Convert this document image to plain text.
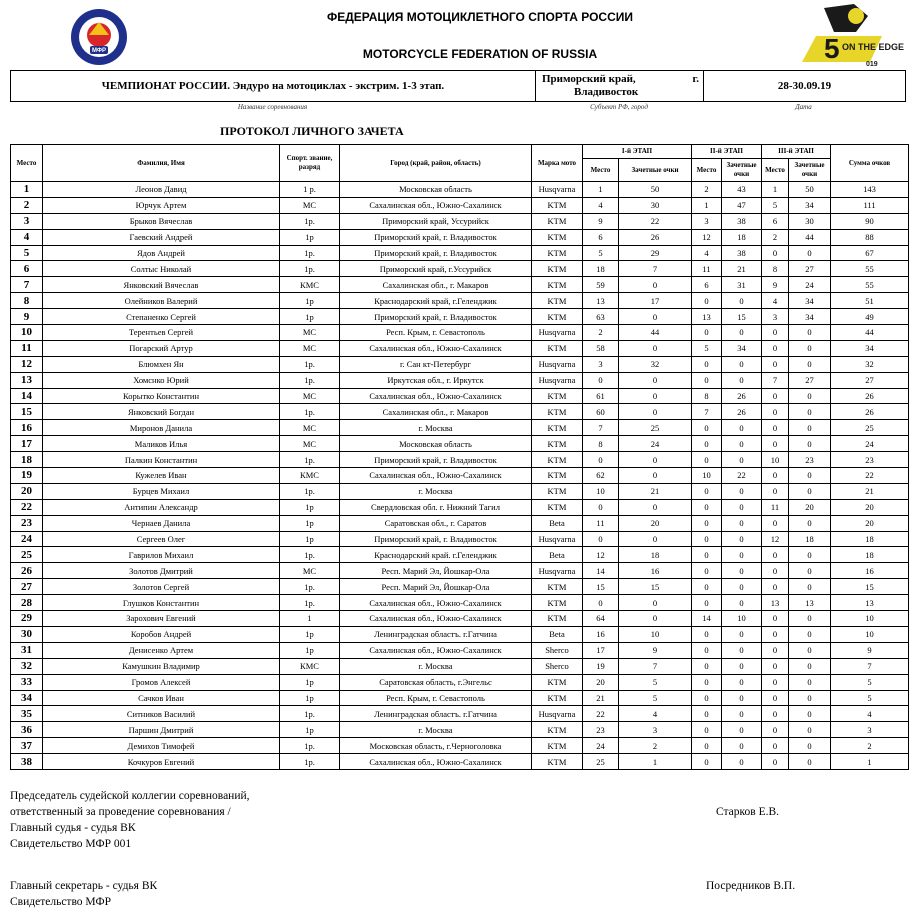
МФР	5 ON THE EDGE
019
ФЕДЕРАЦИЯ МОТОЦИКЛЕТНОГО СПОРТА РОССИИ
MOTORCYCLE FEDERATION OF RUSSIA
ЧЕМПИОНАТ РОССИИ. Эндуро на мотоциклах - экстрим. 1-3 этап.
Приморский край,	г.
Владивосток	28-30.09.19
Название соревнования	Субъект РФ, город	Дата
ПРОТОКОЛ ЛИЧНОГО ЗАЧЕТА
Место	Фамилия, Имя	Спорт. звание, разряд	Город (край, район, область)	Марка мото	I-й ЭТАП		II-й ЭТАП		III-й ЭТАП		Сумма очков
					Место	Зачетные очки	Место	Зачетные очки	Место	Зачетные очки	
1	Леонов Давид	1 р.	Московская область	Husqvarna	1	50	2	43	1	50	143
2	Юрчук Артем	МС	Сахалинская обл., Южно-Сахалинск	KTM	4	30	1	47	5	34	111
3	Брыков Вячеслав	1р.	Приморский край, Уссурийск	KTM	9	22	3	38	6	30	90
4	Гаевский Андрей	1р	Приморский край, г. Владивосток	KTM	6	26	12	18	2	44	88
5	Ядов Андрей	1р.	Приморский край, г. Владивосток	KTM	5	29	4	38	0	0	67
6	Солтыс Николай	1р.	Приморский край, г.Уссурийск	KTM	18	7	11	21	8	27	55
7	Янковский Вячеслав	КМС	Сахалинская обл., г. Макаров	KTM	59	0	6	31	9	24	55
8	Олейников Валерий	1р	Краснодарский край, г.Геленджик	KTM	13	17	0	0	4	34	51
9	Степаненко Сергей	1р	Приморский край, г. Владивосток	KTM	63	0	13	15	3	34	49
10	Терентьев Сергей	МС	Респ. Крым, г. Севастополь	Husqvarna	2	44	0	0	0	0	44
11	Погарский Артур	МС	Сахалинская обл., Южно-Сахалинск	KTM	58	0	5	34	0	0	34
12	Блюмхен Ян	1р.	г. Сан кт-Петербург	Husqvarna	3	32	0	0	0	0	32
13	Хомснко Юрий	1р.	Иркутская обл., г. Иркутск	Husqvarna	0	0	0	0	7	27	27
14	Корытко Константин	МС	Сахалинская обл., Южно-Сахалинск	KTM	61	0	8	26	0	0	26
15	Янковский Богдан	1р.	Сахалинская обл., г. Макаров	KTM	60	0	7	26	0	0	26
16	Миронов Данила	МС	г. Москва	KTM	7	25	0	0	0	0	25
17	Маликов Илья	МС	Московская область	KTM	8	24	0	0	0	0	24
18	Палкин Константин	1р.	Приморский край, г. Владивосток	KTM	0	0	0	0	10	23	23
19	Кужелев Иван	КМС	Сахалинская обл., Южно-Сахалинск	KTM	62	0	10	22	0	0	22
20	Бурцев Михаил	1р.	г. Москва	KTM	10	21	0	0	0	0	21
22	Антипин Александр	1р	Свердловская обл. г. Нижний Тагил	KTM	0	0	0	0	11	20	20
23	Чернаев Данила	1р	Саратовская обл., г. Саратов	Beta	11	20	0	0	0	0	20
24	Сергеев Олег	1р	Приморский край, г. Владивосток	Husqvarna	0	0	0	0	12	18	18
25	Гаврилов Михаил	1р.	Краснодарский край. г.Геленджик	Beta	12	18	0	0	0	0	18
26	Золотов Дмитрий	МС	Респ. Марий Эл, Йошкар-Ола	Husqvarna	14	16	0	0	0	0	16
27	Золотов Сергей	1р.	Респ. Марий Эл, Йошкар-Ола	KTM	15	15	0	0	0	0	15
28	Глушков Константин	1р.	Сахалинская обл., Южно-Сахалинск	KTM	0	0	0	0	13	13	13
29	Зарохович Евгений	1	Сахалинская обл., Южно-Сахалинск	KTM	64	0	14	10	0	0	10
30	Коробов Андрей	1р	Ленинградская областъ. г.Гатчина	Beta	16	10	0	0	0	0	10
31	Денисенко Артем	1р	Сахалинская обл., Южно-Сахалинск	Sherco	17	9	0	0	0	0	9
32	Камушкин Владимир	КМС	г. Москва	Sherco	19	7	0	0	0	0	7
33	Громов Алексей	1р	Саратовская область, г.Энгельс	KTM	20	5	0	0	0	0	5
34	Сачков Иван	1р	Респ. Крым, г. Севастополь	KTM	21	5	0	0	0	0	5
35	Ситников Василий	1р.	Ленинградская областъ. г.Гатчина	Husqvarna	22	4	0	0	0	0	4
36	Паршин Дмитрий	1р	г. Москва	KTM	23	3	0	0	0	0	3
37	Демихов Тимофей	1р.	Московская область, г.Черноголовка	KTM	24	2	0	0	0	0	2
38	Кочкуров Евгений	1р.	Сахалинская обл., Южно-Сахалинск	KTM	25	1	0	0	0	0	1
Председатель судейской коллегии соревнований,
ответственный за проведение соревнования /
Главный судья - судья ВК
Свидетельство МФР 001
Старков Е.В.
Главный секретарь - судья ВК
Свидетельство МФР
Посредников В.П.
